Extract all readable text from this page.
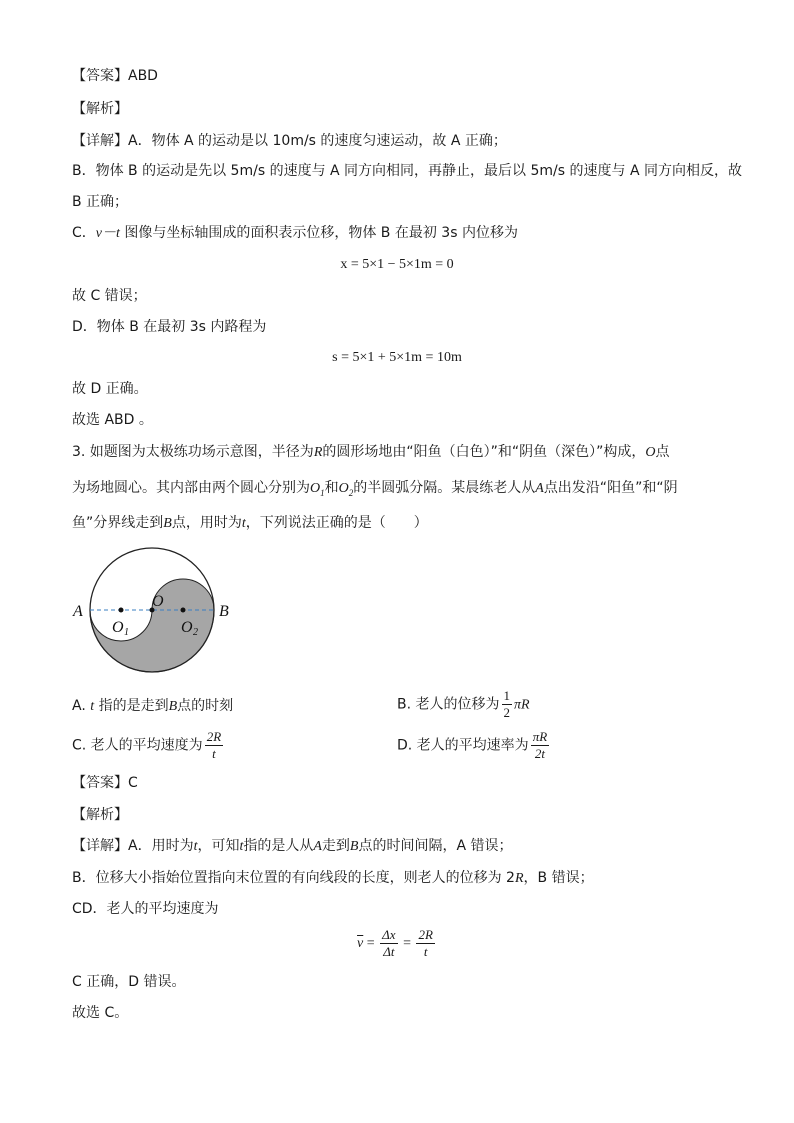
【答案】ABD
【解析】
【详解】A．物体 A 的运动是以 10m/s 的速度匀速运动，故 A 正确；
B．物体 B 的运动是先以 5m/s 的速度与 A 同方向相同，再静止，最后以 5m/s 的速度与 A 同方向相反，故
B 正确；
C．v－t 图像与坐标轴围成的面积表示位移，物体 B 在最初 3s 内位移为
x = 5×1 − 5×1m = 0
故 C 错误；
D．物体 B 在最初 3s 内路程为
s = 5×1 + 5×1m = 10m
故 D 正确。
故选 ABD 。
3. 如题图为太极练功场示意图，半径为R的圆形场地由“阳鱼（白色）”和“阴鱼（深色）”构成，O点
为场地圆心。其内部由两个圆心分别为$O_1$和$O_2$的半圆弧分隔。某晨练老人从A点出发沿“阳鱼”和“阴
鱼”分界线走到B点，用时为t，下列说法正确的是（　　）
A	B
O
O 1	O 2
A. t 指的是走到B点的时刻	B. 老人的位移为 $\frac{1}{2}$ πR
C. 老人的平均速度为 $\frac{2R}{t}$	D. 老人的平均速率为 $\frac{\pi R}{2t}$
【答案】C
【解析】
【详解】A．用时为t，可知t指的是人从A走到B点的时间间隔，A 错误；
B．位移大小指始位置指向末位置的有向线段的长度，则老人的位移为 2R，B 错误；
CD．老人的平均速度为
$\overline{v} = \frac{\Delta x}{\Delta t} = \frac{2R}{t}$
C 正确，D 错误。
故选 C。
